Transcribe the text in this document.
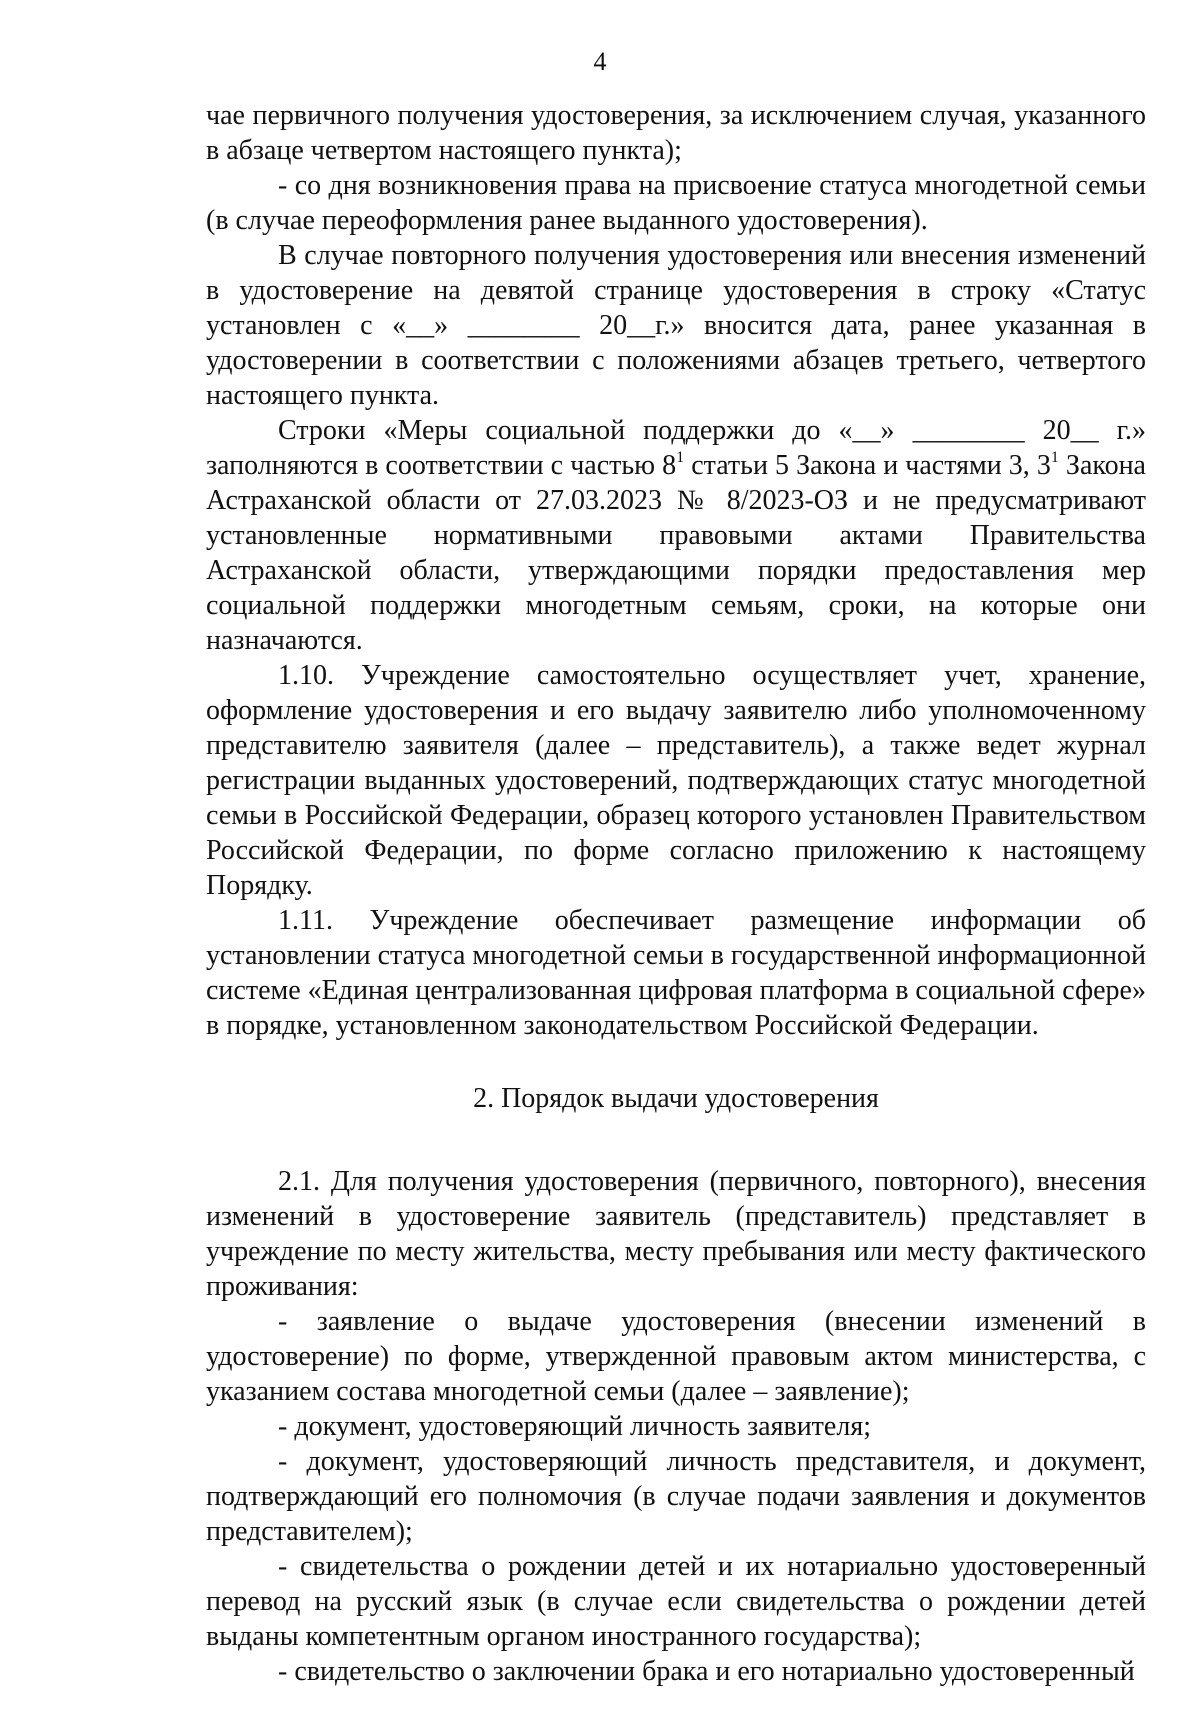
4

чае первичного получения удостоверения, за исключением случая, указанного в абзаце четвертом настоящего пункта);

- со дня возникновения права на присвоение статуса многодетной семьи (в случае переоформления ранее выданного удостоверения).

В случае повторного получения удостоверения или внесения изменений в удостоверение на девятой странице удостоверения в строку «Статус установлен с «__» ________ 20__г.» вносится дата, ранее указанная в удостоверении в соответствии с положениями абзацев третьего, четвертого настоящего пункта.

Строки «Меры социальной поддержки до «__» ________ 20__ г.» заполняются в соответствии с частью $8^1$ статьи 5 Закона и частями 3, $3^1$ Закона Астраханской области от 27.03.2023 № 8/2023-ОЗ и не предусматривают установленные нормативными правовыми актами Правительства Астраханской области, утверждающими порядки предоставления мер социальной поддержки многодетным семьям, сроки, на которые они назначаются.

1.10. Учреждение самостоятельно осуществляет учет, хранение, оформление удостоверения и его выдачу заявителю либо уполномоченному представителю заявителя (далее – представитель), а также ведет журнал регистрации выданных удостоверений, подтверждающих статус многодетной семьи в Российской Федерации, образец которого установлен Правительством Российской Федерации, по форме согласно приложению к настоящему Порядку.

1.11. Учреждение обеспечивает размещение информации об установлении статуса многодетной семьи в государственной информационной системе «Единая централизованная цифровая платформа в социальной сфере» в порядке, установленном законодательством Российской Федерации.

2. Порядок выдачи удостоверения

2.1. Для получения удостоверения (первичного, повторного), внесения изменений в удостоверение заявитель (представитель) представляет в учреждение по месту жительства, месту пребывания или месту фактического проживания:

- заявление о выдаче удостоверения (внесении изменений в удостоверение) по форме, утвержденной правовым актом министерства, с указанием состава многодетной семьи (далее – заявление);

- документ, удостоверяющий личность заявителя;

- документ, удостоверяющий личность представителя, и документ, подтверждающий его полномочия (в случае подачи заявления и документов представителем);

- свидетельства о рождении детей и их нотариально удостоверенный перевод на русский язык (в случае если свидетельства о рождении детей выданы компетентным органом иностранного государства);

- свидетельство о заключении брака и его нотариально удостоверенный
